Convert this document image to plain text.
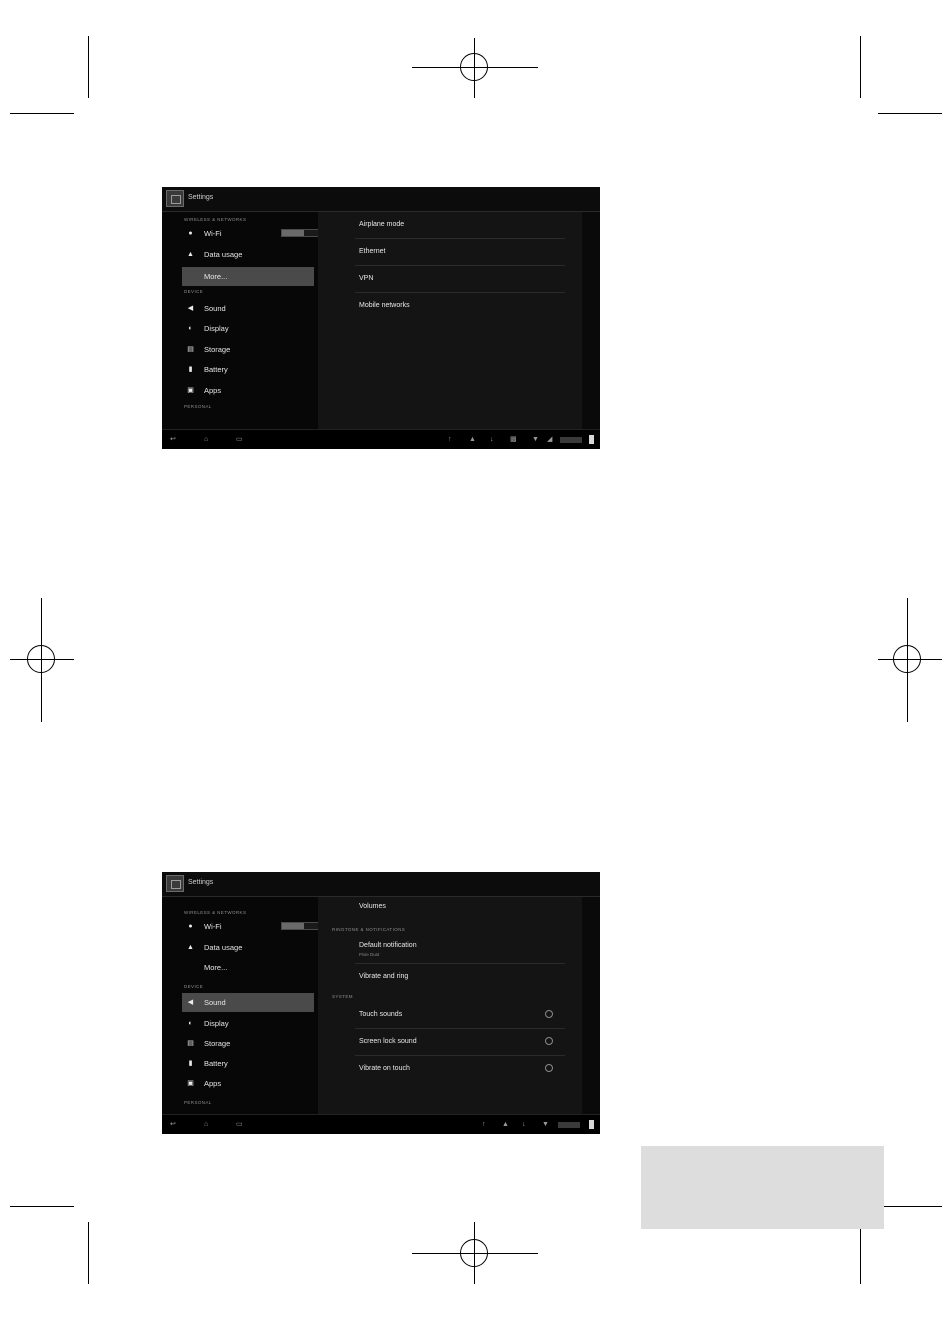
Settings
WIRELESS & NETWORKS
● Wi-Fi
▲ Data usage
More...
DEVICE
◀ Sound
◐ Display
▤ Storage
▮ Battery
▣ Apps
PERSONAL
Airplane mode
Ethernet
VPN
Mobile networks
↩	⌂	▭	↑	▲ ↓ ▩ ▼ ◢
Settings
WIRELESS & NETWORKS
● Wi-Fi
▲ Data usage
More...
DEVICE
◀ Sound
◐ Display
▤ Storage
▮ Battery
▣ Apps
PERSONAL
Volumes
RINGTONE & NOTIFICATIONS
Default notification
Pixie Dust
Vibrate and ring
SYSTEM
Touch sounds
Screen lock sound
Vibrate on touch
↩	⌂	▭	↑ ▲ ↓ ▼
